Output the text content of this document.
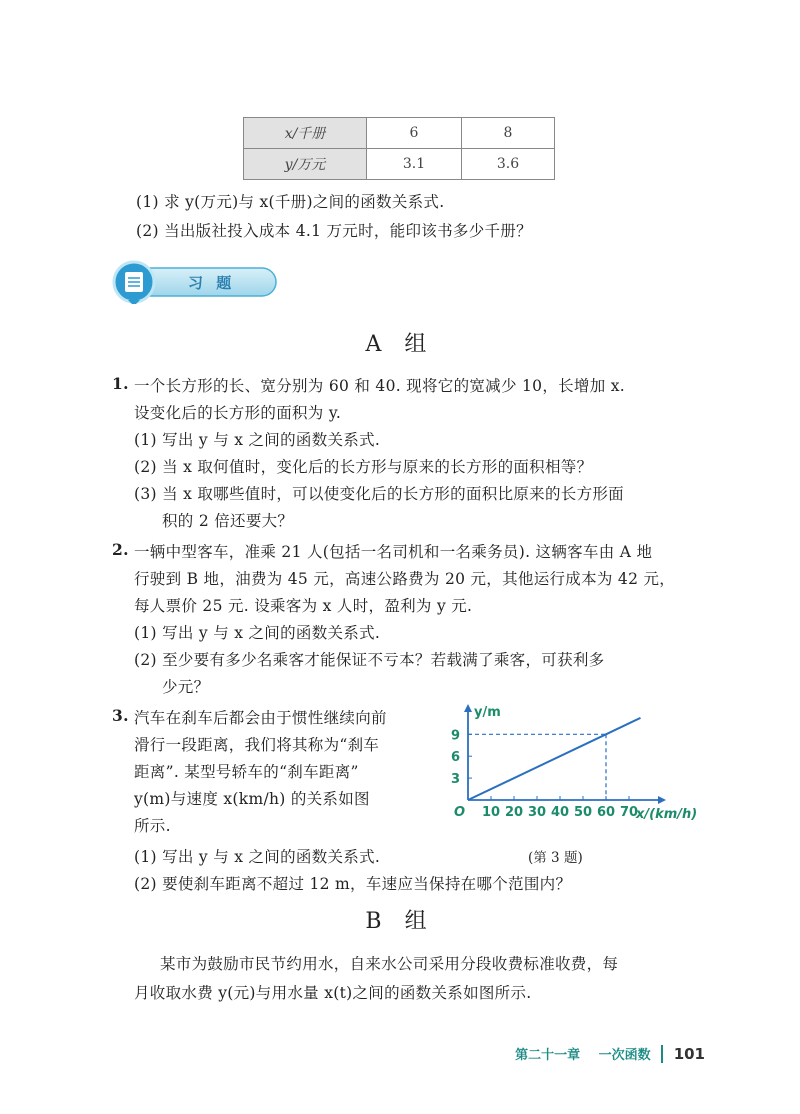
x/千册	6	8
y/万元	3.1	3.6
(1) 求 y(万元)与 x(千册)之间的函数关系式.
(2) 当出版社投入成本 4.1 万元时，能印该书多少千册？
习 题
A 组
1. 一个长方形的长、宽分别为 60 和 40. 现将它的宽减少 10，长增加 x.
设变化后的长方形的面积为 y.
(1) 写出 y 与 x 之间的函数关系式.
(2) 当 x 取何值时，变化后的长方形与原来的长方形的面积相等？
(3) 当 x 取哪些值时，可以使变化后的长方形的面积比原来的长方形面
积的 2 倍还要大？
2. 一辆中型客车，准乘 21 人(包括一名司机和一名乘务员). 这辆客车由 A 地
行驶到 B 地，油费为 45 元，高速公路费为 20 元，其他运行成本为 42 元，
每人票价 25 元. 设乘客为 x 人时，盈利为 y 元.
(1) 写出 y 与 x 之间的函数关系式.
(2) 至少要有多少名乘客才能保证不亏本？若载满了乘客，可获利多
少元？
3. 汽车在刹车后都会由于惯性继续向前
滑行一段距离，我们将其称为“刹车
距离”. 某型号轿车的“刹车距离”
y(m)与速度 x(km/h) 的关系如图
所示.
(1) 写出 y 与 x 之间的函数关系式.
(2) 要使刹车距离不超过 12 m，车速应当保持在哪个范围内？
y/m
x/(km/h)
O 10 20 30 40 50 60 70
3
6
9
(第 3 题)
B 组
某市为鼓励市民节约用水，自来水公司采用分段收费标准收费，每
月收取水费 y(元)与用水量 x(t)之间的函数关系如图所示.
第二十一章 一次函数 101
